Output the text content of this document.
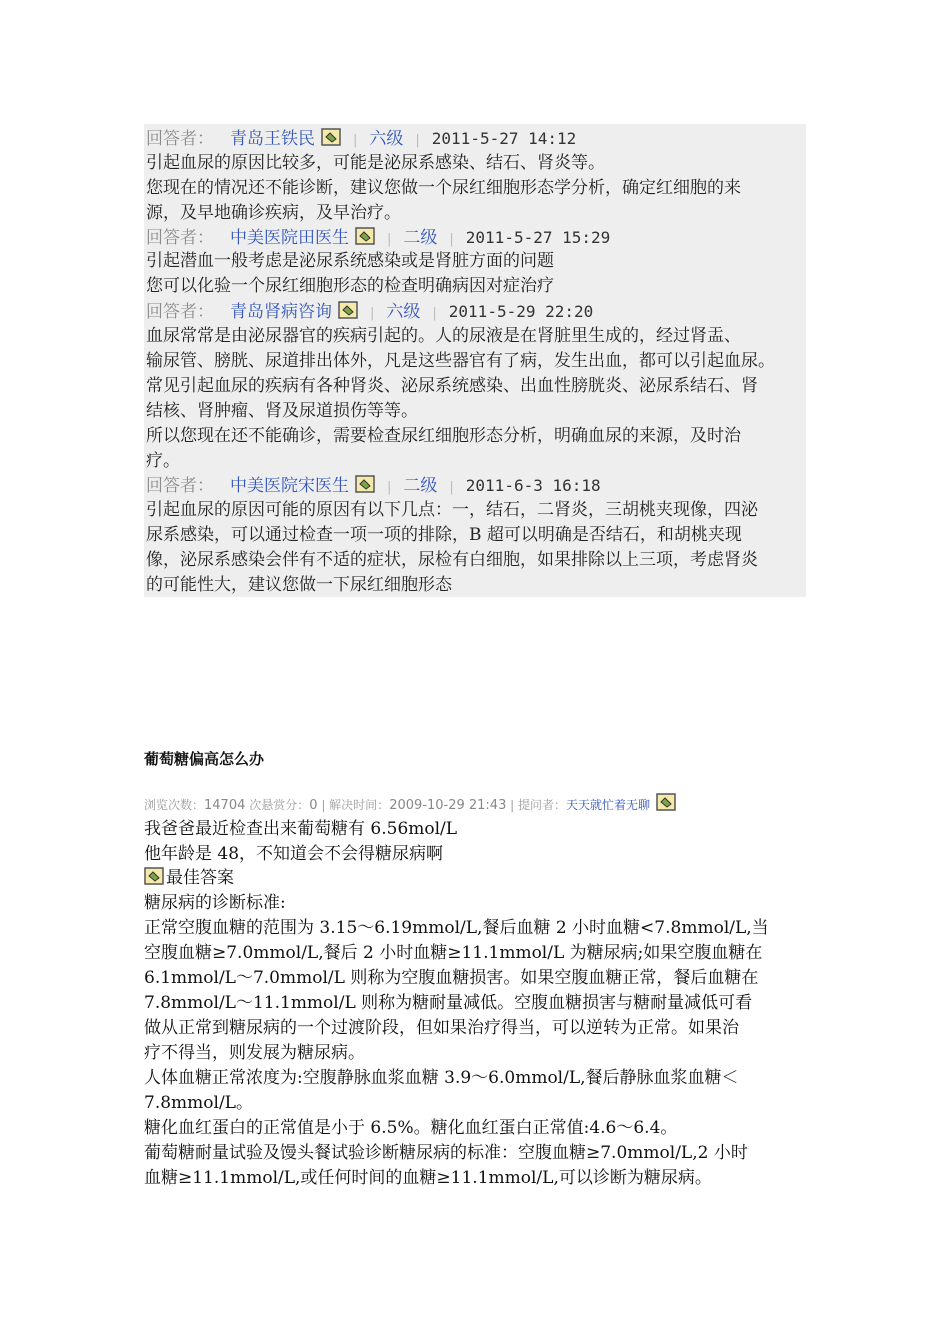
回答者： 青岛王铁民	| 六级 | 2011-5-27 14:12
引起血尿的原因比较多，可能是泌尿系感染、结石、肾炎等。
您现在的情况还不能诊断，建议您做一个尿红细胞形态学分析，确定红细胞的来
源，及早地确诊疾病，及早治疗。
回答者： 中美医院田医生	| 二级 | 2011-5-27 15:29
引起潜血一般考虑是泌尿系统感染或是肾脏方面的问题
您可以化验一个尿红细胞形态的检查明确病因对症治疗
回答者： 青岛肾病咨询	| 六级 | 2011-5-29 22:20
血尿常常是由泌尿器官的疾病引起的。人的尿液是在肾脏里生成的，经过肾盂、
输尿管、膀胱、尿道排出体外，凡是这些器官有了病，发生出血，都可以引起血尿。
常见引起血尿的疾病有各种肾炎、泌尿系统感染、出血性膀胱炎、泌尿系结石、肾
结核、肾肿瘤、肾及尿道损伤等等。
所以您现在还不能确诊，需要检查尿红细胞形态分析，明确血尿的来源，及时治
疗。
回答者： 中美医院宋医生	| 二级 | 2011-6-3 16:18
引起血尿的原因可能的原因有以下几点：一，结石，二肾炎，三胡桃夹现像，四泌
尿系感染，可以通过检查一项一项的排除，B 超可以明确是否结石，和胡桃夹现
像，泌尿系感染会伴有不适的症状，尿检有白细胞，如果排除以上三项，考虑肾炎
的可能性大，建议您做一下尿红细胞形态
葡萄糖偏高怎么办
浏览次数：14704 次悬赏分：0 | 解决时间：2009-10-29 21:43 | 提问者：天天就忙着无聊
我爸爸最近检查出来葡萄糖有 6.56mol/L
他年龄是 48，不知道会不会得糖尿病啊
最佳答案
糖尿病的诊断标准:
正常空腹血糖的范围为 3.15～6.19mmol/L,餐后血糖 2 小时血糖<7.8mmol/L,当
空腹血糖≥7.0mmol/L,餐后 2 小时血糖≥11.1mmol/L 为糖尿病;如果空腹血糖在
6.1mmol/L～7.0mmol/L 则称为空腹血糖损害。如果空腹血糖正常，餐后血糖在
7.8mmol/L～11.1mmol/L 则称为糖耐量减低。空腹血糖损害与糖耐量减低可看
做从正常到糖尿病的一个过渡阶段，但如果治疗得当，可以逆转为正常。如果治
疗不得当，则发展为糖尿病。
人体血糖正常浓度为:空腹静脉血浆血糖 3.9～6.0mmol/L,餐后静脉血浆血糖＜
7.8mmol/L。
糖化血红蛋白的正常值是小于 6.5%。糖化血红蛋白正常值:4.6～6.4。
葡萄糖耐量试验及馒头餐试验诊断糖尿病的标准：空腹血糖≥7.0mmol/L,2 小时
血糖≥11.1mmol/L,或任何时间的血糖≥11.1mmol/L,可以诊断为糖尿病。
